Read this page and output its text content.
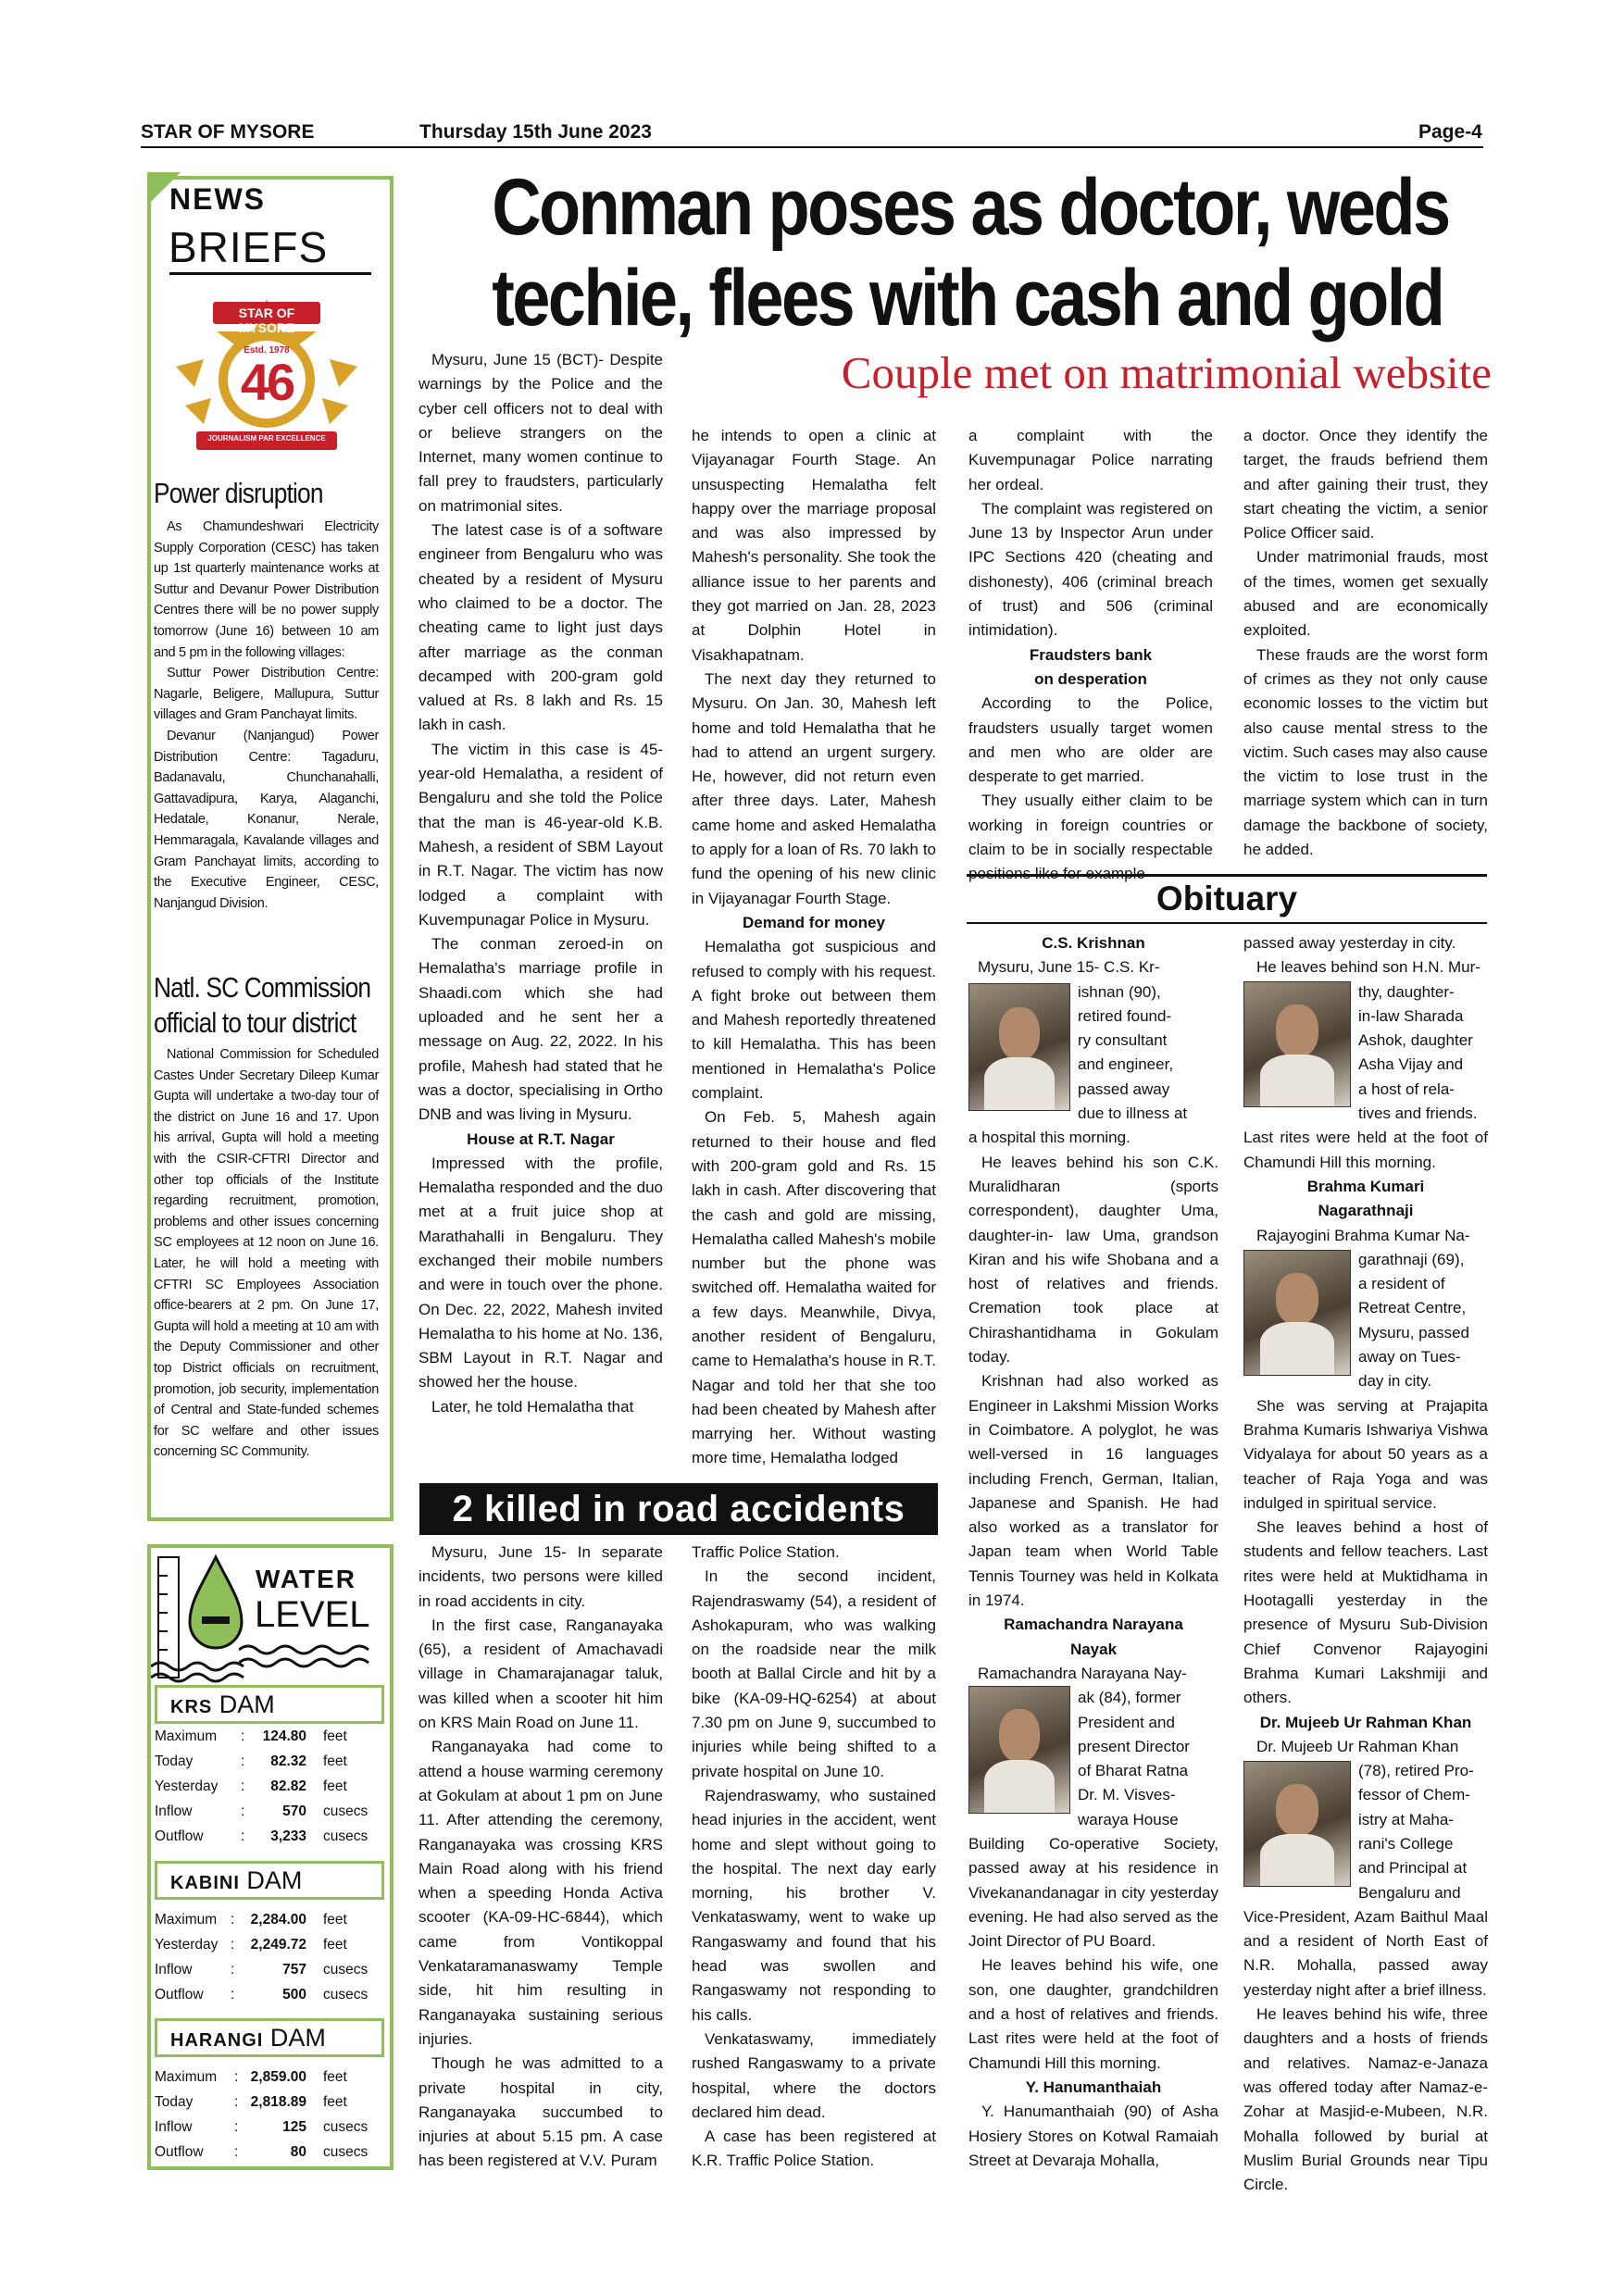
STAR OF MYSORE	Thursday 15th June 2023	Page-4
NEWS
BRIEFS
STAR OF MYSORE
Estd. 1978
46
JOURNALISM PAR EXCELLENCE
Power disruption

As Chamundeshwari Electricity Supply Corporation (CESC) has taken up 1st quarterly maintenance works at Suttur and Devanur Power Distribution Centres there will be no power supply tomorrow (June 16) between 10 am and 5 pm in the following villages:

Suttur Power Distribution Centre: Nagarle, Beligere, Mallupura, Suttur villages and Gram Panchayat limits.

Devanur (Nanjangud) Power Distribution Centre: Tagaduru, Badanavalu, Chunchanahalli, Gattavadipura, Karya, Alaganchi, Hedatale, Konanur, Nerale, Hemmaragala, Kavalande villages and Gram Panchayat limits, according to the Executive Engineer, CESC, Nanjangud Division.

Natl. SC Commission official to tour district

National Commission for Scheduled Castes Under Secretary Dileep Kumar Gupta will undertake a two-day tour of the district on June 16 and 17. Upon his arrival, Gupta will hold a meeting with the CSIR-CFTRI Director and other top officials of the Institute regarding recruitment, promotion, problems and other issues concerning SC employees at 12 noon on June 16. Later, he will hold a meeting with CFTRI SC Employees Association office-bearers at 2 pm. On June 17, Gupta will hold a meeting at 10 am with the Deputy Commissioner and other top District officials on recruitment, promotion, job security, implementation of Central and State-funded schemes for SC welfare and other issues concerning SC Community.

WATER
LEVEL
KRS DAM
Maximum : 124.80 feet
Today	: 82.32 feet
Yesterday : 82.82 feet
Inflow	:	570 cusecs
Outflow	: 3,233 cusecs
KABINI DAM
Maximum : 2,284.00 feet
Yesterday : 2,249.72 feet
Inflow	:	757 cusecs
Outflow :	500 cusecs
HARANGI DAM
Maximum : 2,859.00 feet
Today	: 2,818.89 feet
Inflow	:	125 cusecs
Outflow :	80 cusecs
Conman poses as doctor, weds
techie, flees with cash and gold
Couple met on matrimonial website

Mysuru, June 15 (BCT)- Despite warnings by the Police and the cyber cell officers not to deal with or believe strangers on the Internet, many women continue to fall prey to fraudsters, particularly on matrimonial sites.

The latest case is of a software engineer from Bengaluru who was cheated by a resident of Mysuru who claimed to be a doctor. The cheating came to light just days after marriage as the conman decamped with 200-gram gold valued at Rs. 8 lakh and Rs. 15 lakh in cash.

The victim in this case is 45-year-old Hemalatha, a resident of Bengaluru and she told the Police that the man is 46-year-old K.B. Mahesh, a resident of SBM Layout in R.T. Nagar. The victim has now lodged a complaint with Kuvempunagar Police in Mysuru.

The conman zeroed-in on Hemalatha's marriage profile in Shaadi.com which she had uploaded and he sent her a message on Aug. 22, 2022. In his profile, Mahesh had stated that he was a doctor, specialising in Ortho DNB and was living in Mysuru.

House at R.T. Nagar

Impressed with the profile, Hemalatha responded and the duo met at a fruit juice shop at Marathahalli in Bengaluru. They exchanged their mobile numbers and were in touch over the phone. On Dec. 22, 2022, Mahesh invited Hemalatha to his home at No. 136, SBM Layout in R.T. Nagar and showed her the house.

Later, he told Hemalatha that

he intends to open a clinic at Vijayanagar Fourth Stage. An unsuspecting Hemalatha felt happy over the marriage proposal and was also impressed by Mahesh's personality. She took the alliance issue to her parents and they got married on Jan. 28, 2023 at Dolphin Hotel in Visakhapatnam.

The next day they returned to Mysuru. On Jan. 30, Mahesh left home and told Hemalatha that he had to attend an urgent surgery. He, however, did not return even after three days. Later, Mahesh came home and asked Hemalatha to apply for a loan of Rs. 70 lakh to fund the opening of his new clinic in Vijayanagar Fourth Stage.

Demand for money

Hemalatha got suspicious and refused to comply with his request. A fight broke out between them and Mahesh reportedly threatened to kill Hemalatha. This has been mentioned in Hemalatha's Police complaint.

On Feb. 5, Mahesh again returned to their house and fled with 200-gram gold and Rs. 15 lakh in cash. After discovering that the cash and gold are missing, Hemalatha called Mahesh's mobile number but the phone was switched off. Hemalatha waited for a few days. Meanwhile, Divya, another resident of Bengaluru, came to Hemalatha's house in R.T. Nagar and told her that she too had been cheated by Mahesh after marrying her. Without wasting more time, Hemalatha lodged

a complaint with the Kuvempunagar Police narrating her ordeal.

The complaint was registered on June 13 by Inspector Arun under IPC Sections 420 (cheating and dishonesty), 406 (criminal breach of trust) and 506 (criminal intimidation).

Fraudsters bank

on desperation

According to the Police, fraudsters usually target women and men who are older are desperate to get married.

They usually either claim to be working in foreign countries or claim to be in socially respectable

a doctor. Once they identify the target, the frauds befriend them and after gaining their trust, they start cheating the victim, a senior Police Officer said.

Under matrimonial frauds, most of the times, women get sexually abused and are economically exploited.

These frauds are the worst form of crimes as they not only cause economic losses to the victim but also cause mental stress to the victim. Such cases may also cause the victim to lose trust in the marriage system which can in turn damage the backbone of society, he added.

2 killed in road accidents

Mysuru, June 15- In separate incidents, two persons were killed in road accidents in city.

In the first case, Ranganayaka (65), a resident of Amachavadi village in Chamarajanagar taluk, was killed when a scooter hit him on KRS Main Road on June 11.

Ranganayaka had come to attend a house warming ceremony at Gokulam at about 1 pm on June 11. After attending the ceremony, Ranganayaka was crossing KRS Main Road along with his friend when a speeding Honda Activa scooter (KA-09-HC-6844), which came from Vontikoppal Venkataramanaswamy Temple side, hit him resulting in Ranganayaka sustaining serious injuries.

Though he was admitted to a private hospital in city, Ranganayaka succumbed to injuries at about 5.15 pm. A case has been registered at V.V. Puram

Traffic Police Station.

In the second incident, Rajendraswamy (54), a resident of Ashokapuram, who was walking on the roadside near the milk booth at Ballal Circle and hit by a bike (KA-09-HQ-6254) at about 7.30 pm on June 9, succumbed to injuries while being shifted to a private hospital on June 10.

Rajendraswamy, who sustained head injuries in the accident, went home and slept without going to the hospital. The next day early morning, his brother V. Venkataswamy, went to wake up Rangaswamy and found that his head was swollen and Rangaswamy not responding to his calls.

Venkataswamy, immediately rushed Rangaswamy to a private hospital, where the doctors declared him dead.

A case has been registered at K.R. Traffic Police Station.

Obituary

C.S. Krishnan

Mysuru, June 15- C.S. Kr-

ishnan (90),

retired found-

ry consultant

and engineer,

passed away

due to illness at

a hospital this morning.

He leaves behind his son C.K. Muralidharan (sports correspondent), daughter Uma, daughter-in- law Uma, grandson Kiran and his wife Shobana and a host of relatives and friends. Cremation took place at Chirashantidhama in Gokulam today.

Krishnan had also worked as Engineer in Lakshmi Mission Works in Coimbatore. A polyglot, he was well-versed in 16 languages including French, German, Italian, Japanese and Spanish. He had also worked as a translator for Japan team when World Table Tennis Tourney was held in Kolkata in 1974.

Ramachandra Narayana

Nayak

Ramachandra Narayana Nay-

ak (84), former

President and

present Director

of Bharat Ratna

Dr. M. Visves-

waraya House

Building Co-operative Society, passed away at his residence in Vivekanandanagar in city yesterday evening. He had also served as the Joint Director of PU Board.

He leaves behind his wife, one son, one daughter, grandchildren and a host of relatives and friends. Last rites were held at the foot of Chamundi Hill this morning.

Y. Hanumanthaiah

Y. Hanumanthaiah (90) of Asha Hosiery Stores on Kotwal Ramaiah Street at Devaraja Mohalla,

passed away yesterday in city.

He leaves behind son H.N. Mur-

thy, daughter-

in-law Sharada

Ashok, daughter

Asha Vijay and

a host of rela-

tives and friends.

Last rites were held at the foot of Chamundi Hill this morning.

Brahma Kumari

Nagarathnaji

Rajayogini Brahma Kumar Na-

garathnaji (69),

a resident of

Retreat Centre,

Mysuru, passed

away on Tues-

day in city.

She was serving at Prajapita Brahma Kumaris Ishwariya Vishwa Vidyalaya for about 50 years as a teacher of Raja Yoga and was indulged in spiritual service.

She leaves behind a host of students and fellow teachers. Last rites were held at Muktidhama in Hootagalli yesterday in the presence of Mysuru Sub-Division Chief Convenor Rajayogini Brahma Kumari Lakshmiji and others.

Dr. Mujeeb Ur Rahman Khan

Dr. Mujeeb Ur Rahman Khan

(78), retired Pro-

fessor of Chem-

istry at Maha-

rani's College

and Principal at

Bengaluru and

Vice-President, Azam Baithul Maal and a resident of North East of N.R. Mohalla, passed away yesterday night after a brief illness.

He leaves behind his wife, three daughters and a hosts of friends and relatives. Namaz-e-Janaza was offered today after Namaz-e-Zohar at Masjid-e-Mubeen, N.R. Mohalla followed by burial at Muslim Burial Grounds near Tipu Circle.
